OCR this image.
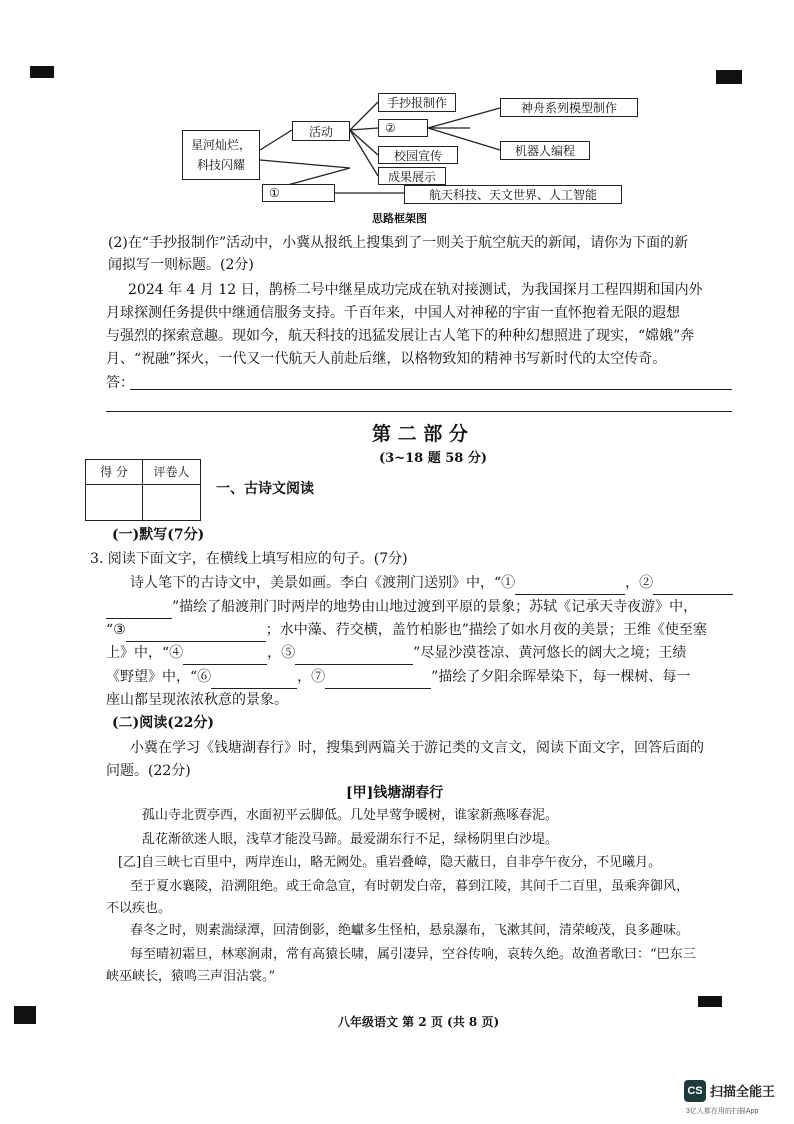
星河灿烂，
科技闪耀
活动
手抄报制作
②
校园宣传
成果展示
①
神舟系列模型制作
机器人编程
航天科技、天文世界、人工智能
思路框架图
(2)在“手抄报制作”活动中，小冀从报纸上搜集到了一则关于航空航天的新闻，请你为下面的新
闻拟写一则标题。(2分)
2024 年 4 月 12 日，鹊桥二号中继星成功完成在轨对接测试，为我国探月工程四期和国内外
月球探测任务提供中继通信服务支持。千百年来，中国人对神秘的宇宙一直怀抱着无限的遐想
与强烈的探索意趣。现如今，航天科技的迅猛发展让古人笔下的种种幻想照进了现实，“嫦娥”奔
月、“祝融”探火，一代又一代航天人前赴后继，以格物致知的精神书写新时代的太空传奇。
答：
第 二 部 分
(3~18 题 58 分)
得 分	评卷人
一、古诗文阅读
(一)默写(7分)
3. 阅读下面文字，在横线上填写相应的句子。(7分)
诗人笔下的古诗文中，美景如画。李白《渡荆门送别》中，“①	，②
”描绘了船渡荆门时两岸的地势由山地过渡到平原的景象；苏轼《记承天寺夜游》中，
“③	；水中藻、荇交横，盖竹柏影也”描绘了如水月夜的美景；王维《使至塞
上》中，“④	，⑤	”尽显沙漠苍凉、黄河悠长的阔大之境；王绩
《野望》中，“⑥	，⑦	”描绘了夕阳余晖晕染下，每一棵树、每一
座山都呈现浓浓秋意的景象。
(二)阅读(22分)
小冀在学习《钱塘湖春行》时，搜集到两篇关于游记类的文言文，阅读下面文字，回答后面的
问题。(22分)
[甲]钱塘湖春行
孤山寺北贾亭西，水面初平云脚低。几处早莺争暖树，谁家新燕啄春泥。
乱花渐欲迷人眼，浅草才能没马蹄。最爱湖东行不足，绿杨阴里白沙堤。
[乙]自三峡七百里中，两岸连山，略无阙处。重岩叠嶂，隐天蔽日，自非亭午夜分，不见曦月。
至于夏水襄陵，沿溯阻绝。或王命急宣，有时朝发白帝，暮到江陵，其间千二百里，虽乘奔御风，
不以疾也。
春冬之时，则素湍绿潭，回清倒影，绝巘多生怪柏，悬泉瀑布，飞漱其间，清荣峻茂，良多趣味。
每至晴初霜旦，林寒涧肃，常有高猿长啸，属引凄异，空谷传响，哀转久绝。故渔者歌曰：“巴东三
峡巫峡长，猿鸣三声泪沾裳。”
八年级语文 第 2 页 (共 8 页)
CS 扫描全能王
3亿人都在用的扫描App
